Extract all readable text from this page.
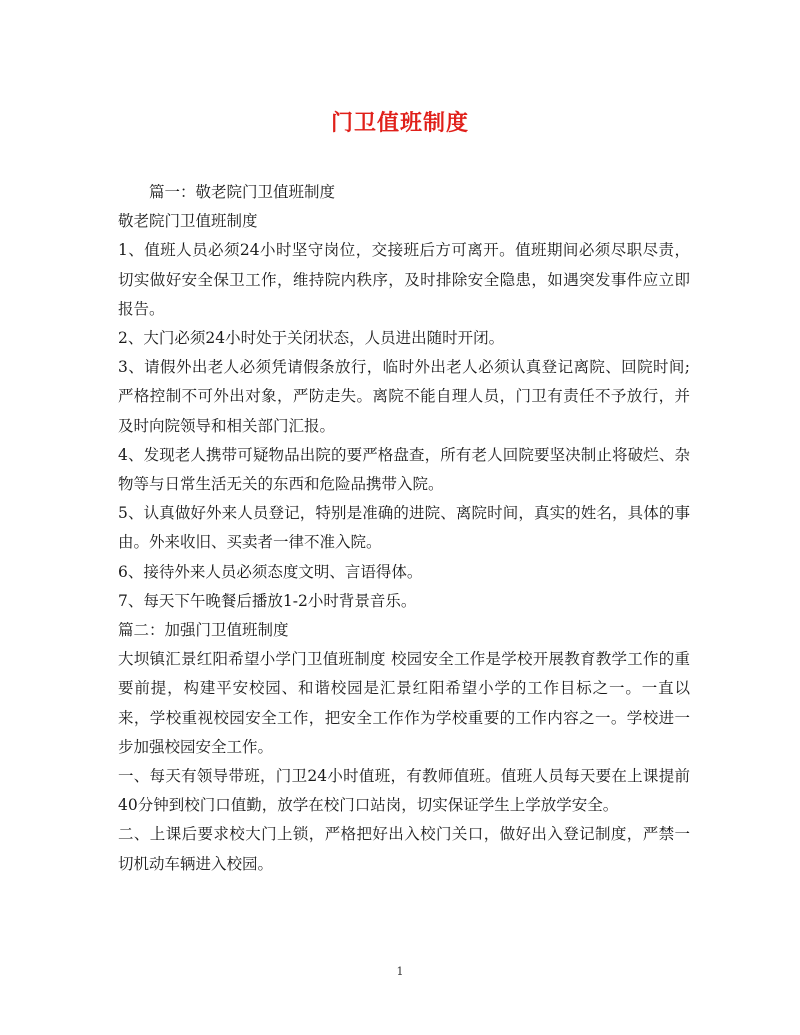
门卫值班制度

篇一：敬老院门卫值班制度

敬老院门卫值班制度

1、值班人员必须24小时坚守岗位，交接班后方可离开。值班期间必须尽职尽责，切实做好安全保卫工作，维持院内秩序，及时排除安全隐患，如遇突发事件应立即报告。

2、大门必须24小时处于关闭状态，人员进出随时开闭。

3、请假外出老人必须凭请假条放行，临时外出老人必须认真登记离院、回院时间;严格控制不可外出对象，严防走失。离院不能自理人员，门卫有责任不予放行，并及时向院领导和相关部门汇报。

4、发现老人携带可疑物品出院的要严格盘查，所有老人回院要坚决制止将破烂、杂物等与日常生活无关的东西和危险品携带入院。

5、认真做好外来人员登记，特别是准确的进院、离院时间，真实的姓名，具体的事由。外来收旧、买卖者一律不准入院。

6、接待外来人员必须态度文明、言语得体。

7、每天下午晚餐后播放1-2小时背景音乐。

篇二：加强门卫值班制度

大坝镇汇景红阳希望小学门卫值班制度 校园安全工作是学校开展教育教学工作的重要前提，构建平安校园、和谐校园是汇景红阳希望小学的工作目标之一。一直以来，学校重视校园安全工作，把安全工作作为学校重要的工作内容之一。学校进一步加强校园安全工作。

一、每天有领导带班，门卫24小时值班，有教师值班。值班人员每天要在上课提前40分钟到校门口值勤，放学在校门口站岗，切实保证学生上学放学安全。

二、上课后要求校大门上锁，严格把好出入校门关口，做好出入登记制度，严禁一切机动车辆进入校园。

1
